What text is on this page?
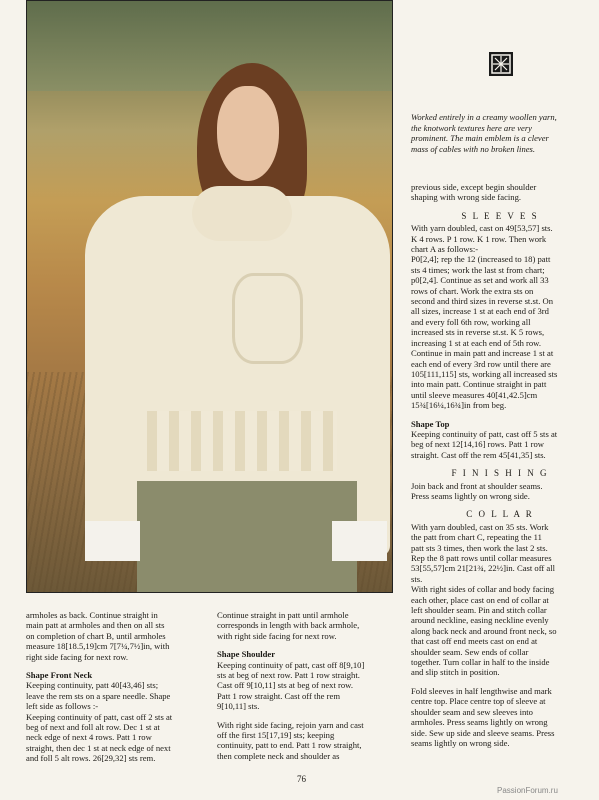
Worked entirely in a creamy woollen yarn,
the knotwork textures here are very
prominent. The main emblem is a clever
mass of cables with no broken lines.

previous side, except begin shoulder
shaping with wrong side facing.

S L E E V E S

With yarn doubled, cast on 49[53,57] sts.
K 4 rows. P 1 row. K 1 row. Then work
chart A as follows:-
P0[2,4]; rep the 12 (increased to 18) patt
sts 4 times; work the last st from chart;
p0[2,4]. Continue as set and work all 33
rows of chart. Work the extra sts on
second and third sizes in reverse st.st. On
all sizes, increase 1 st at each end of 3rd
and every foll 6th row, working all
increased sts in reverse st.st. K 5 rows,
increasing 1 st at each end of 5th row.
Continue in main patt and increase 1 st at
each end of every 3rd row until there are
105[111,115] sts, working all increased sts
into main patt. Continue straight in patt
until sleeve measures 40[41,42.5]cm
15¾[16¼,16¾]in from beg.

Shape Top

Keeping continuity of patt, cast off 5 sts at
beg of next 12[14,16] rows. Patt 1 row
straight. Cast off the rem 45[41,35] sts.

F I N I S H I N G

Join back and front at shoulder seams.
Press seams lightly on wrong side.

C O L L A R

With yarn doubled, cast on 35 sts. Work
the patt from chart C, repeating the 11
patt sts 3 times, then work the last 2 sts.
Rep the 8 patt rows until collar measures
53[55,57]cm 21[21¾, 22½]in. Cast off all
sts.
With right sides of collar and body facing
each other, place cast on end of collar at
left shoulder seam. Pin and stitch collar
around neckline, easing neckline evenly
along back neck and around front neck, so
that cast off end meets cast on end at
shoulder seam. Sew ends of collar
together. Turn collar in half to the inside
and slip stitch in position.

Fold sleeves in half lengthwise and mark
centre top. Place centre top of sleeve at
shoulder seam and sew sleeves into
armholes. Press seams lightly on wrong
side. Sew up side and sleeve seams. Press
seams lightly on wrong side.

armholes as back. Continue straight in
main patt at armholes and then on all sts
on completion of chart B, until armholes
measure 18[18.5,19]cm 7[7¼,7½]in, with
right side facing for next row.

Shape Front Neck

Keeping continuity, patt 40[43,46] sts;
leave the rem sts on a spare needle. Shape
left side as follows :-
Keeping continuity of patt, cast off 2 sts at
beg of next and foll alt row. Dec 1 st at
neck edge of next 4 rows. Patt 1 row
straight, then dec 1 st at neck edge of next
and foll 5 alt rows. 26[29,32] sts rem.

Continue straight in patt until armhole
corresponds in length with back armhole,
with right side facing for next row.

Shape Shoulder

Keeping continuity of patt, cast off 8[9,10]
sts at beg of next row. Patt 1 row straight.
Cast off 9[10,11] sts at beg of next row.
Patt 1 row straight. Cast off the rem
9[10,11] sts.

With right side facing, rejoin yarn and cast
off the first 15[17,19] sts; keeping
continuity, patt to end. Patt 1 row straight,
then complete neck and shoulder as

76
PassionForum.ru
